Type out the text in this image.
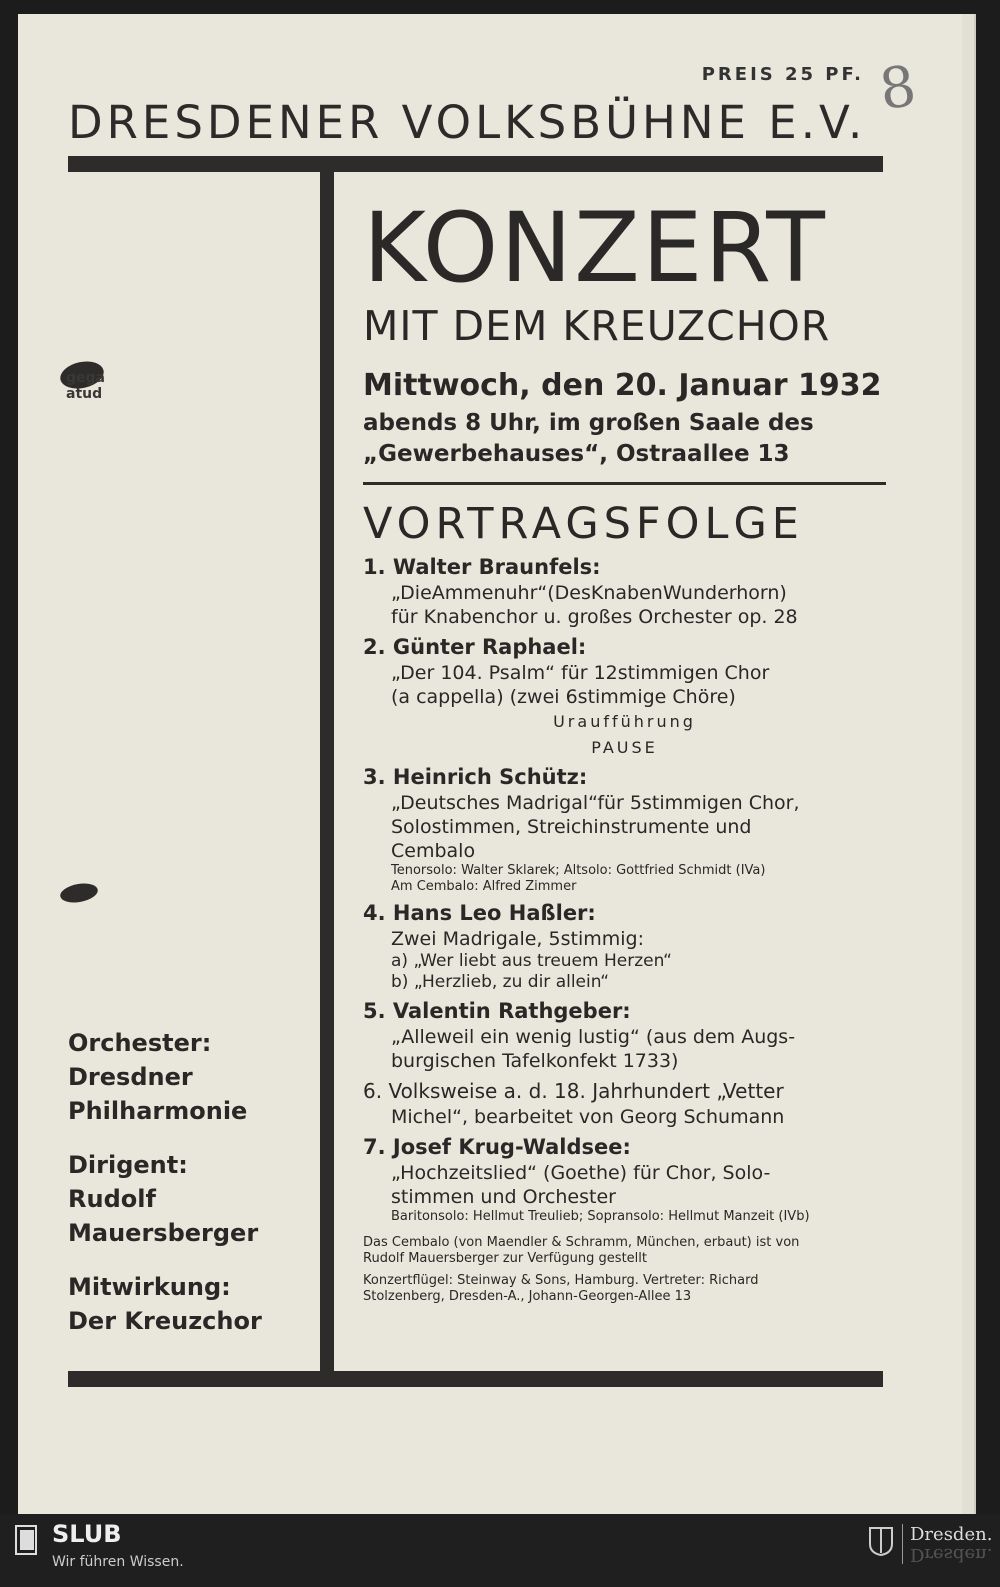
PREIS 25 PF. 8
DRESDENER VOLKSBÜHNE E.V.
gega
atud
KONZERT
MIT DEM KREUZCHOR
Mittwoch, den 20. Januar 1932
abends 8 Uhr, im großen Saale des
„Gewerbehauses“, Ostraallee 13
VORTRAGSFOLGE
1. Walter Braunfels:
„DieAmmenuhr“(DesKnabenWunderhorn)
für Knabenchor u. großes Orchester op. 28
2. Günter Raphael:
„Der 104. Psalm“ für 12stimmigen Chor
(a cappella) (zwei 6stimmige Chöre)
Uraufführung
PAUSE
3. Heinrich Schütz:
„Deutsches Madrigal“für 5stimmigen Chor,
Solostimmen, Streichinstrumente und
Cembalo
Tenorsolo: Walter Sklarek; Altsolo: Gottfried Schmidt (IVa)
Am Cembalo: Alfred Zimmer
4. Hans Leo Haßler:
Zwei Madrigale, 5stimmig:
a) „Wer liebt aus treuem Herzen“
b) „Herzlieb, zu dir allein“
5. Valentin Rathgeber:
„Alleweil ein wenig lustig“ (aus dem Augs-
burgischen Tafelkonfekt 1733)
6. Volksweise a. d. 18. Jahrhundert „Vetter
Michel“, bearbeitet von Georg Schumann
7. Josef Krug-Waldsee:
„Hochzeitslied“ (Goethe) für Chor, Solo-
stimmen und Orchester
Baritonsolo: Hellmut Treulieb; Sopransolo: Hellmut Manzeit (IVb)
Das Cembalo (von Maendler & Schramm, München, erbaut) ist von
Rudolf Mauersberger zur Verfügung gestellt
Konzertflügel: Steinway & Sons, Hamburg. Vertreter: Richard
Stolzenberg, Dresden-A., Johann-Georgen-Allee 13
Orchester:
Dresdner
Philharmonie
Dirigent:
Rudolf
Mauersberger
Mitwirkung:
Der Kreuzchor
SLUB
Wir führen Wissen.
Dresden.
Dresden.
